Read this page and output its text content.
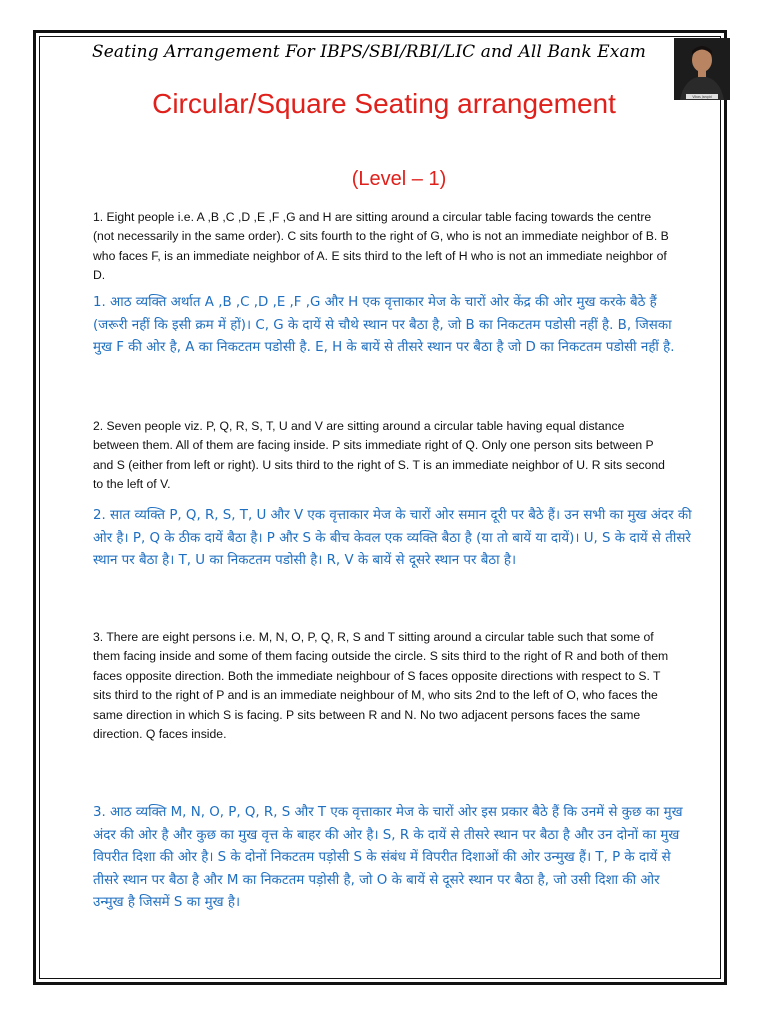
Seating Arrangement For IBPS/SBI/RBI/LIC and All Bank Exam
Vikas Jangid
Circular/Square Seating arrangement
(Level – 1)
1. Eight people i.e. A ,B ,C ,D ,E ,F ,G and H are sitting around a circular table facing towards the centre (not necessarily in the same order). C sits fourth to the right of G, who is not an immediate neighbor of B. B who faces F, is an immediate neighbor of A. E sits third to the left of H who is not an immediate neighbor of D.
1. आठ व्यक्ति अर्थात A ,B ,C ,D ,E ,F ,G और H एक वृत्ताकार मेज के चारों ओर केंद्र की ओर मुख करके बैठे हैं (जरूरी नहीं कि इसी क्रम में हों)। C, G के दायें से चौथे स्थान पर बैठा है, जो B का निकटतम पडोसी नहीं है. B, जिसका मुख F की ओर है, A का निकटतम पडोसी है. E, H के बायें से तीसरे स्थान पर बैठा है जो D का निकटतम पडोसी नहीं है.
2. Seven people viz. P, Q, R, S, T, U and V are sitting around a circular table having equal distance between them. All of them are facing inside. P sits immediate right of Q. Only one person sits between P and S (either from left or right). U sits third to the right of S. T is an immediate neighbor of U. R sits second to the left of V.
2. सात व्यक्ति P, Q, R, S, T, U और V एक वृत्ताकार मेज के चारों ओर समान दूरी पर बैठे हैं। उन सभी का मुख अंदर की ओर है। P, Q के ठीक दायें बैठा है। P और S के बीच केवल एक व्यक्ति बैठा है (या तो बायें या दायें)। U, S के दायें से तीसरे स्थान पर बैठा है। T, U का निकटतम पडोसी है। R, V के बायें से दूसरे स्थान पर बैठा है।
3. There are eight persons i.e. M, N, O, P, Q, R, S and T sitting around a circular table such that some of them facing inside and some of them facing outside the circle. S sits third to the right of R and both of them faces opposite direction. Both the immediate neighbour of S faces opposite directions with respect to S. T sits third to the right of P and is an immediate neighbour of M, who sits 2nd to the left of O, who faces the same direction in which S is facing. P sits between R and N. No two adjacent persons faces the same direction. Q faces inside.
3. आठ व्यक्ति M, N, O, P, Q, R, S और T एक वृत्ताकार मेज के चारों ओर इस प्रकार बैठे हैं कि उनमें से कुछ का मुख अंदर की ओर है और कुछ का मुख वृत्त के बाहर की ओर है। S, R के दायें से तीसरे स्थान पर बैठा है और उन दोनों का मुख विपरीत दिशा की ओर है। S के दोनों निकटतम पड़ोसी S के संबंध में विपरीत दिशाओं की ओर उन्मुख हैं। T, P के दायें से तीसरे स्थान पर बैठा है और M का निकटतम पड़ोसी है, जो O के बायें से दूसरे स्थान पर बैठा है, जो उसी दिशा की ओर उन्मुख है जिसमें S का मुख है।
